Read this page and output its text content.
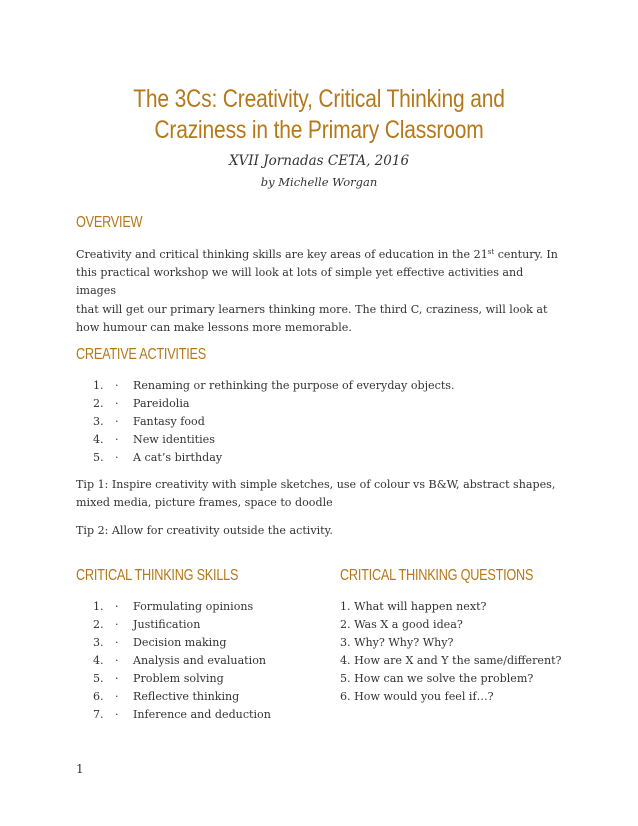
The 3Cs: Creativity, Critical Thinking and
Craziness in the Primary Classroom
XVII Jornadas CETA, 2016
by Michelle Worgan
OVERVIEW
Creativity and critical thinking skills are key areas of education in the 21st century. In
this practical workshop we will look at lots of simple yet effective activities and images
that will get our primary learners thinking more. The third C, craziness, will look at
how humour can make lessons more memorable.
CREATIVE ACTIVITIES
1. · Renaming or rethinking the purpose of everyday objects.
2. · Pareidolia
3. · Fantasy food
4. · New identities
5. · A cat’s birthday
Tip 1: Inspire creativity with simple sketches, use of colour vs B&W, abstract shapes,
mixed media, picture frames, space to doodle
Tip 2: Allow for creativity outside the activity.
CRITICAL THINKING SKILLS
1. · Formulating opinions
2. · Justification
3. · Decision making
4. · Analysis and evaluation
5. · Problem solving
6. · Reflective thinking
7. · Inference and deduction
CRITICAL THINKING QUESTIONS
1. What will happen next?
2. Was X a good idea?
3. Why? Why? Why?
4. How are X and Y the same/different?
5. How can we solve the problem?
6. How would you feel if…?
1
